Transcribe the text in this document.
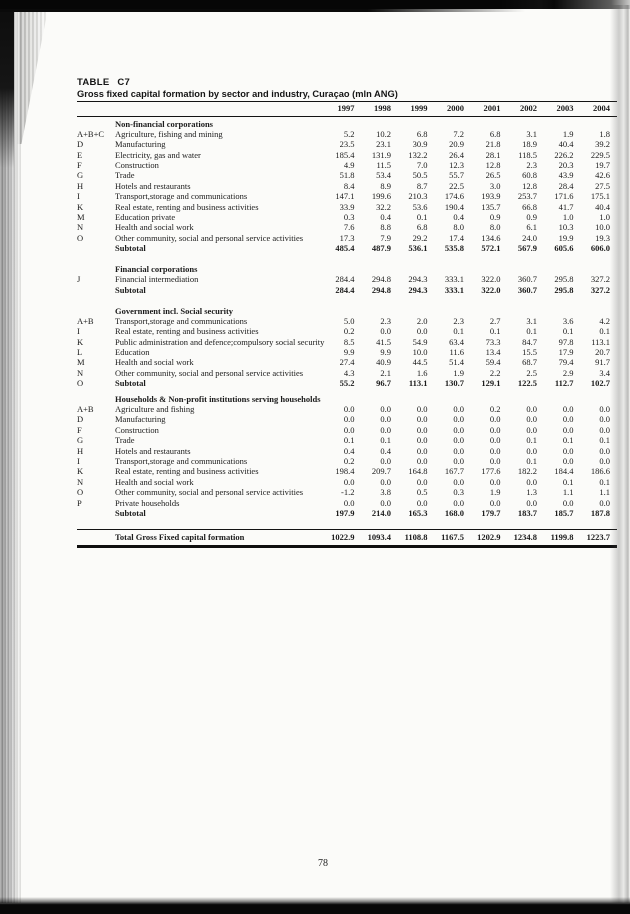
TABLE C7
Gross fixed capital formation by sector and industry, Curaçao (mln ANG)
1997	1998	1999	2000	2001	2002	2003	2004
Non-financial corporations
A+B+C	Agriculture, fishing and mining	5.2	10.2	6.8	7.2	6.8	3.1	1.9	1.8
D	Manufacturing	23.5	23.1	30.9	20.9	21.8	18.9	40.4	39.2
E	Electricity, gas and water	185.4	131.9	132.2	26.4	28.1	118.5	226.2	229.5
F	Construction	4.9	11.5	7.0	12.3	12.8	2.3	20.3	19.7
G	Trade	51.8	53.4	50.5	55.7	26.5	60.8	43.9	42.6
H	Hotels and restaurants	8.4	8.9	8.7	22.5	3.0	12.8	28.4	27.5
I	Transport,storage and communications	147.1	199.6	210.3	174.6	193.9	253.7	171.6	175.1
K	Real estate, renting and business activities	33.9	32.2	53.6	190.4	135.7	66.8	41.7	40.4
M	Education private	0.3	0.4	0.1	0.4	0.9	0.9	1.0	1.0
N	Health and social work	7.6	8.8	6.8	8.0	8.0	6.1	10.3	10.0
O	Other community, social and personal service activities	17.3	7.9	29.2	17.4	134.6	24.0	19.9	19.3
Subtotal	485.4	487.9	536.1	535.8	572.1	567.9	605.6	606.0
Financial corporations
J	Financial intermediation	284.4	294.8	294.3	333.1	322.0	360.7	295.8	327.2
Subtotal	284.4	294.8	294.3	333.1	322.0	360.7	295.8	327.2
Government incl. Social security
A+B	Transport,storage and communications	5.0	2.3	2.0	2.3	2.7	3.1	3.6	4.2
I	Real estate, renting and business activities	0.2	0.0	0.0	0.1	0.1	0.1	0.1	0.1
K	Public administration and defence;compulsory social security	8.5	41.5	54.9	63.4	73.3	84.7	97.8	113.1
L	Education	9.9	9.9	10.0	11.6	13.4	15.5	17.9	20.7
M	Health and social work	27.4	40.9	44.5	51.4	59.4	68.7	79.4	91.7
N	Other community, social and personal service activities	4.3	2.1	1.6	1.9	2.2	2.5	2.9	3.4
O	Subtotal	55.2	96.7	113.1	130.7	129.1	122.5	112.7	102.7
Households & Non-profit institutions serving households
A+B	Agriculture and fishing	0.0	0.0	0.0	0.0	0.2	0.0	0.0	0.0
D	Manufacturing	0.0	0.0	0.0	0.0	0.0	0.0	0.0	0.0
F	Construction	0.0	0.0	0.0	0.0	0.0	0.0	0.0	0.0
G	Trade	0.1	0.1	0.0	0.0	0.0	0.1	0.1	0.1
H	Hotels and restaurants	0.4	0.4	0.0	0.0	0.0	0.0	0.0	0.0
I	Transport,storage and communications	0.2	0.0	0.0	0.0	0.0	0.1	0.0	0.0
K	Real estate, renting and business activities	198.4	209.7	164.8	167.7	177.6	182.2	184.4	186.6
N	Health and social work	0.0	0.0	0.0	0.0	0.0	0.0	0.1	0.1
O	Other community, social and personal service activities	-1.2	3.8	0.5	0.3	1.9	1.3	1.1	1.1
P	Private households	0.0	0.0	0.0	0.0	0.0	0.0	0.0	0.0
Subtotal	197.9	214.0	165.3	168.0	179.7	183.7	185.7	187.8
Total Gross Fixed capital formation	1022.9	1093.4	1108.8	1167.5	1202.9	1234.8	1199.8	1223.7
78
